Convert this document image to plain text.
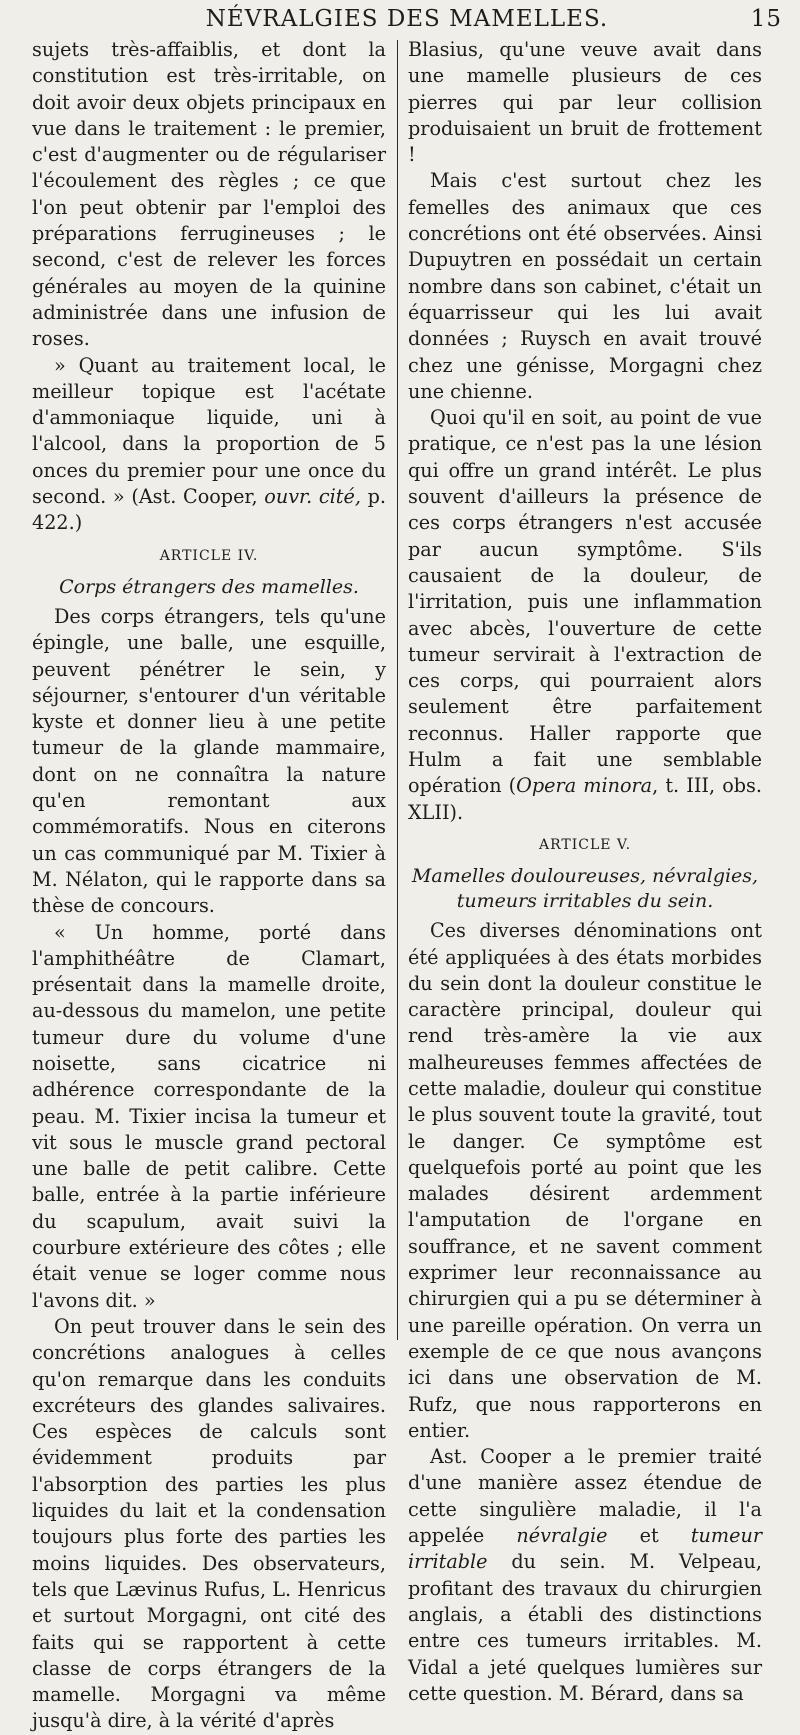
NÉVRALGIES DES MAMELLES.	15

sujets très-affaiblis, et dont la constitution est très-irritable, on doit avoir deux objets principaux en vue dans le traitement : le premier, c'est d'augmenter ou de régulariser l'écoulement des règles ; ce que l'on peut obtenir par l'emploi des préparations ferrugineuses ; le second, c'est de relever les forces générales au moyen de la quinine administrée dans une infusion de roses.

» Quant au traitement local, le meilleur topique est l'acétate d'ammoniaque liquide, uni à l'alcool, dans la proportion de 5 onces du premier pour une once du second. » (Ast. Cooper, ouvr. cité, p. 422.)

ARTICLE IV.

Corps étrangers des mamelles.

Des corps étrangers, tels qu'une épingle, une balle, une esquille, peuvent pénétrer le sein, y séjourner, s'entourer d'un véritable kyste et donner lieu à une petite tumeur de la glande mammaire, dont on ne connaîtra la nature qu'en remontant aux commémoratifs. Nous en citerons un cas communiqué par M. Tixier à M. Nélaton, qui le rapporte dans sa thèse de concours.

« Un homme, porté dans l'amphithéâtre de Clamart, présentait dans la mamelle droite, au-dessous du mamelon, une petite tumeur dure du volume d'une noisette, sans cicatrice ni adhérence correspondante de la peau. M. Tixier incisa la tumeur et vit sous le muscle grand pectoral une balle de petit calibre. Cette balle, entrée à la partie inférieure du scapulum, avait suivi la courbure extérieure des côtes ; elle était venue se loger comme nous l'avons dit. »

On peut trouver dans le sein des concrétions analogues à celles qu'on remarque dans les conduits excréteurs des glandes salivaires. Ces espèces de calculs sont évidemment produits par l'absorption des parties les plus liquides du lait et la condensation toujours plus forte des parties les moins liquides. Des observateurs, tels que Lævinus Rufus, L. Henricus et surtout Morgagni, ont cité des faits qui se rapportent à cette classe de corps étrangers de la mamelle. Morgagni va même jusqu'à dire, à la vérité d'après

Blasius, qu'une veuve avait dans une mamelle plusieurs de ces pierres qui par leur collision produisaient un bruit de frottement !

Mais c'est surtout chez les femelles des animaux que ces concrétions ont été observées. Ainsi Dupuytren en possédait un certain nombre dans son cabinet, c'était un équarrisseur qui les lui avait données ; Ruysch en avait trouvé chez une génisse, Morgagni chez une chienne.

Quoi qu'il en soit, au point de vue pratique, ce n'est pas la une lésion qui offre un grand intérêt. Le plus souvent d'ailleurs la présence de ces corps étrangers n'est accusée par aucun symptôme. S'ils causaient de la douleur, de l'irritation, puis une inflammation avec abcès, l'ouverture de cette tumeur servirait à l'extraction de ces corps, qui pourraient alors seulement être parfaitement reconnus. Haller rapporte que Hulm a fait une semblable opération (Opera minora, t. III, obs. XLII).

ARTICLE V.

Mamelles douloureuses, névralgies, tumeurs irritables du sein.

Ces diverses dénominations ont été appliquées à des états morbides du sein dont la douleur constitue le caractère principal, douleur qui rend très-amère la vie aux malheureuses femmes affectées de cette maladie, douleur qui constitue le plus souvent toute la gravité, tout le danger. Ce symptôme est quelquefois porté au point que les malades désirent ardemment l'amputation de l'organe en souffrance, et ne savent comment exprimer leur reconnaissance au chirurgien qui a pu se déterminer à une pareille opération. On verra un exemple de ce que nous avançons ici dans une observation de M. Rufz, que nous rapporterons en entier.

Ast. Cooper a le premier traité d'une manière assez étendue de cette singulière maladie, il l'a appelée névralgie et tumeur irritable du sein. M. Velpeau, profitant des travaux du chirurgien anglais, a établi des distinctions entre ces tumeurs irritables. M. Vidal a jeté quelques lumières sur cette question. M. Bérard, dans sa
